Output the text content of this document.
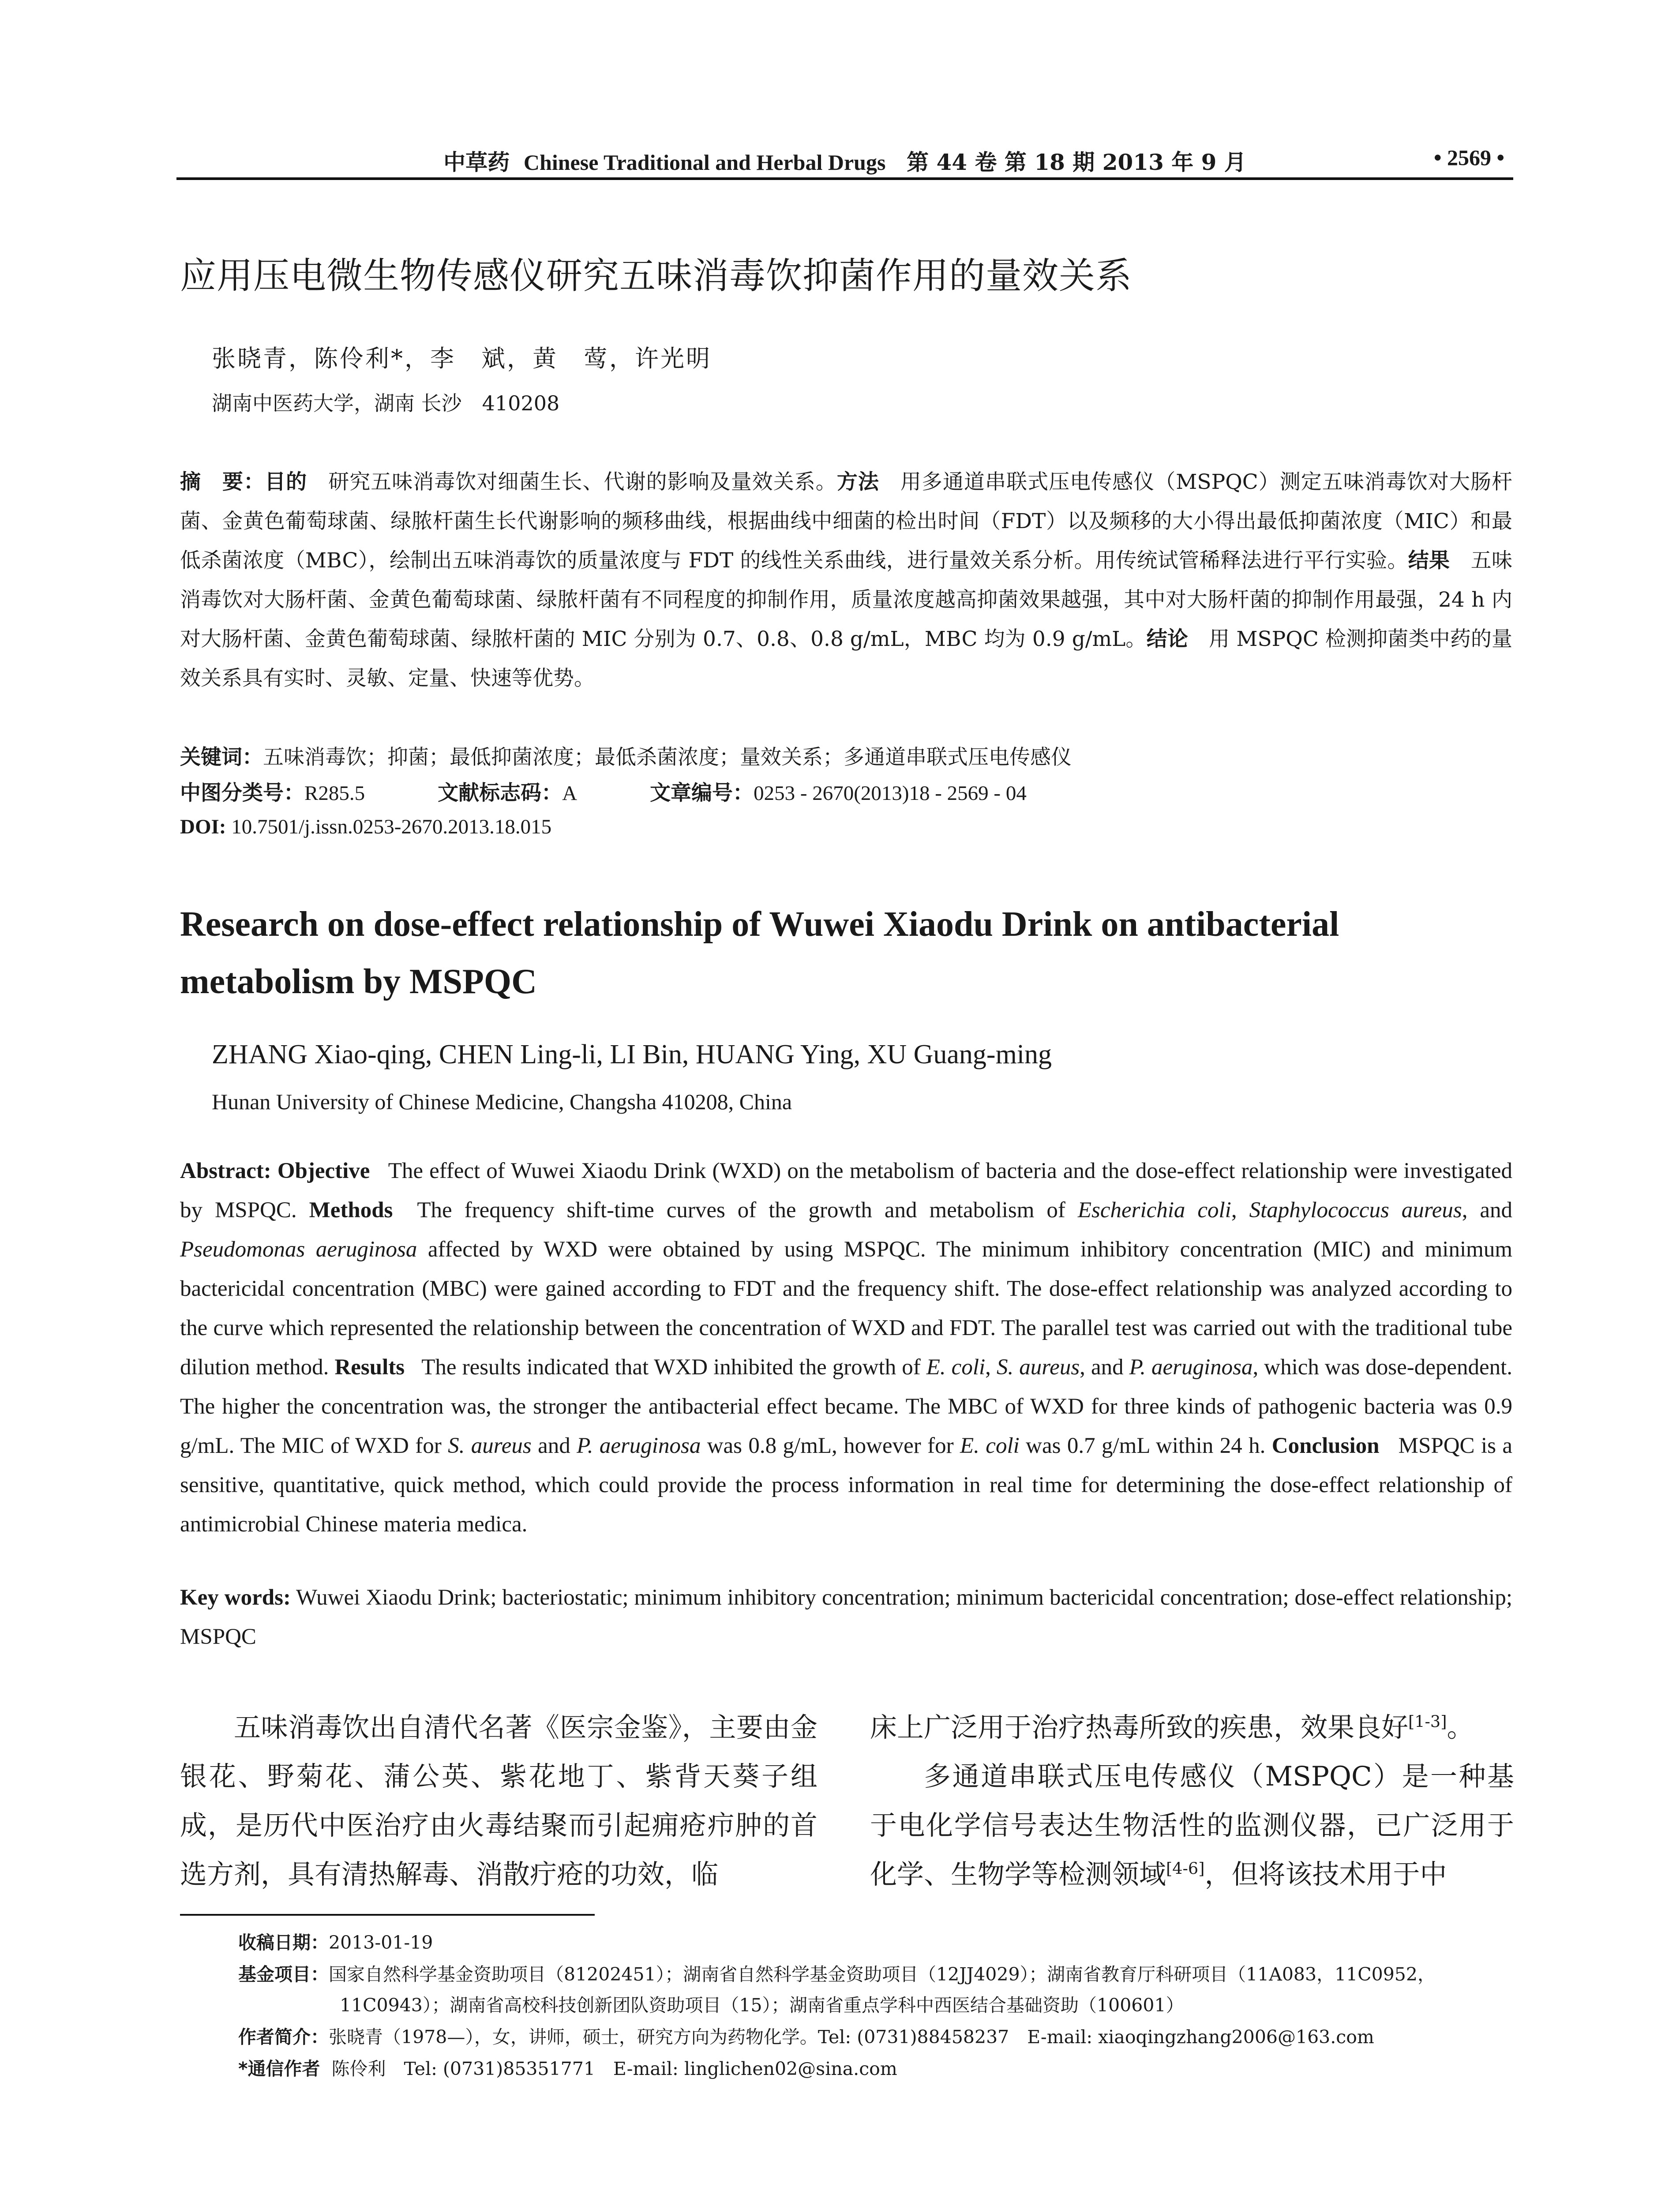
中草药 Chinese Traditional and Herbal Drugs 第 44 卷 第 18 期 2013 年 9 月	• 2569 •
应用压电微生物传感仪研究五味消毒饮抑菌作用的量效关系
张晓青，陈伶利*，李　斌，黄　莺，许光明
湖南中医药大学，湖南 长沙　410208
摘　要：目的　研究五味消毒饮对细菌生长、代谢的影响及量效关系。方法　用多通道串联式压电传感仪（MSPQC）测定五味消毒饮对大肠杆菌、金黄色葡萄球菌、绿脓杆菌生长代谢影响的频移曲线，根据曲线中细菌的检出时间（FDT）以及频移的大小得出最低抑菌浓度（MIC）和最低杀菌浓度（MBC），绘制出五味消毒饮的质量浓度与 FDT 的线性关系曲线，进行量效关系分析。用传统试管稀释法进行平行实验。结果　五味消毒饮对大肠杆菌、金黄色葡萄球菌、绿脓杆菌有不同程度的抑制作用，质量浓度越高抑菌效果越强，其中对大肠杆菌的抑制作用最强，24 h 内对大肠杆菌、金黄色葡萄球菌、绿脓杆菌的 MIC 分别为 0.7、0.8、0.8 g/mL，MBC 均为 0.9 g/mL。结论　用 MSPQC 检测抑菌类中药的量效关系具有实时、灵敏、定量、快速等优势。
关键词：五味消毒饮；抑菌；最低抑菌浓度；最低杀菌浓度；量效关系；多通道串联式压电传感仪
中图分类号：R285.5	文献标志码：A	文章编号：0253 - 2670(2013)18 - 2569 - 04
DOI: 10.7501/j.issn.0253-2670.2013.18.015
Research on dose-effect relationship of Wuwei Xiaodu Drink on antibacterial metabolism by MSPQC
ZHANG Xiao-qing, CHEN Ling-li, LI Bin, HUANG Ying, XU Guang-ming
Hunan University of Chinese Medicine, Changsha 410208, China
Abstract: Objective The effect of Wuwei Xiaodu Drink (WXD) on the metabolism of bacteria and the dose-effect relationship were investigated by MSPQC. Methods The frequency shift-time curves of the growth and metabolism of Escherichia coli, Staphylococcus aureus, and Pseudomonas aeruginosa affected by WXD were obtained by using MSPQC. The minimum inhibitory concentration (MIC) and minimum bactericidal concentration (MBC) were gained according to FDT and the frequency shift. The dose-effect relationship was analyzed according to the curve which represented the relationship between the concentration of WXD and FDT. The parallel test was carried out with the traditional tube dilution method. Results The results indicated that WXD inhibited the growth of E. coli, S. aureus, and P. aeruginosa, which was dose-dependent. The higher the concentration was, the stronger the antibacterial effect became. The MBC of WXD for three kinds of pathogenic bacteria was 0.9 g/mL. The MIC of WXD for S. aureus and P. aeruginosa was 0.8 g/mL, however for E. coli was 0.7 g/mL within 24 h. Conclusion MSPQC is a sensitive, quantitative, quick method, which could provide the process information in real time for determining the dose-effect relationship of antimicrobial Chinese materia medica.
Key words: Wuwei Xiaodu Drink; bacteriostatic; minimum inhibitory concentration; minimum bactericidal concentration; dose-effect relationship; MSPQC
五味消毒饮出自清代名著《医宗金鉴》，主要由金银花、野菊花、蒲公英、紫花地丁、紫背天葵子组成，是历代中医治疗由火毒结聚而引起痈疮疖肿的首选方剂，具有清热解毒、消散疔疮的功效，临

床上广泛用于治疗热毒所致的疾患，效果良好[1-3]。

多通道串联式压电传感仪（MSPQC）是一种基于电化学信号表达生物活性的监测仪器，已广泛用于化学、生物学等检测领域[4-6]，但将该技术用于中

收稿日期：2013-01-19
基金项目：国家自然科学基金资助项目（81202451）；湖南省自然科学基金资助项目（12JJ4029）；湖南省教育厅科研项目（11A083，11C0952，
11C0943）；湖南省高校科技创新团队资助项目（15）；湖南省重点学科中西医结合基础资助（100601）
作者简介：张晓青（1978—），女，讲师，硕士，研究方向为药物化学。Tel: (0731)88458237　E-mail: xiaoqingzhang2006@163.com
*通信作者 陈伶利　Tel: (0731)85351771　E-mail: linglichen02@sina.com
